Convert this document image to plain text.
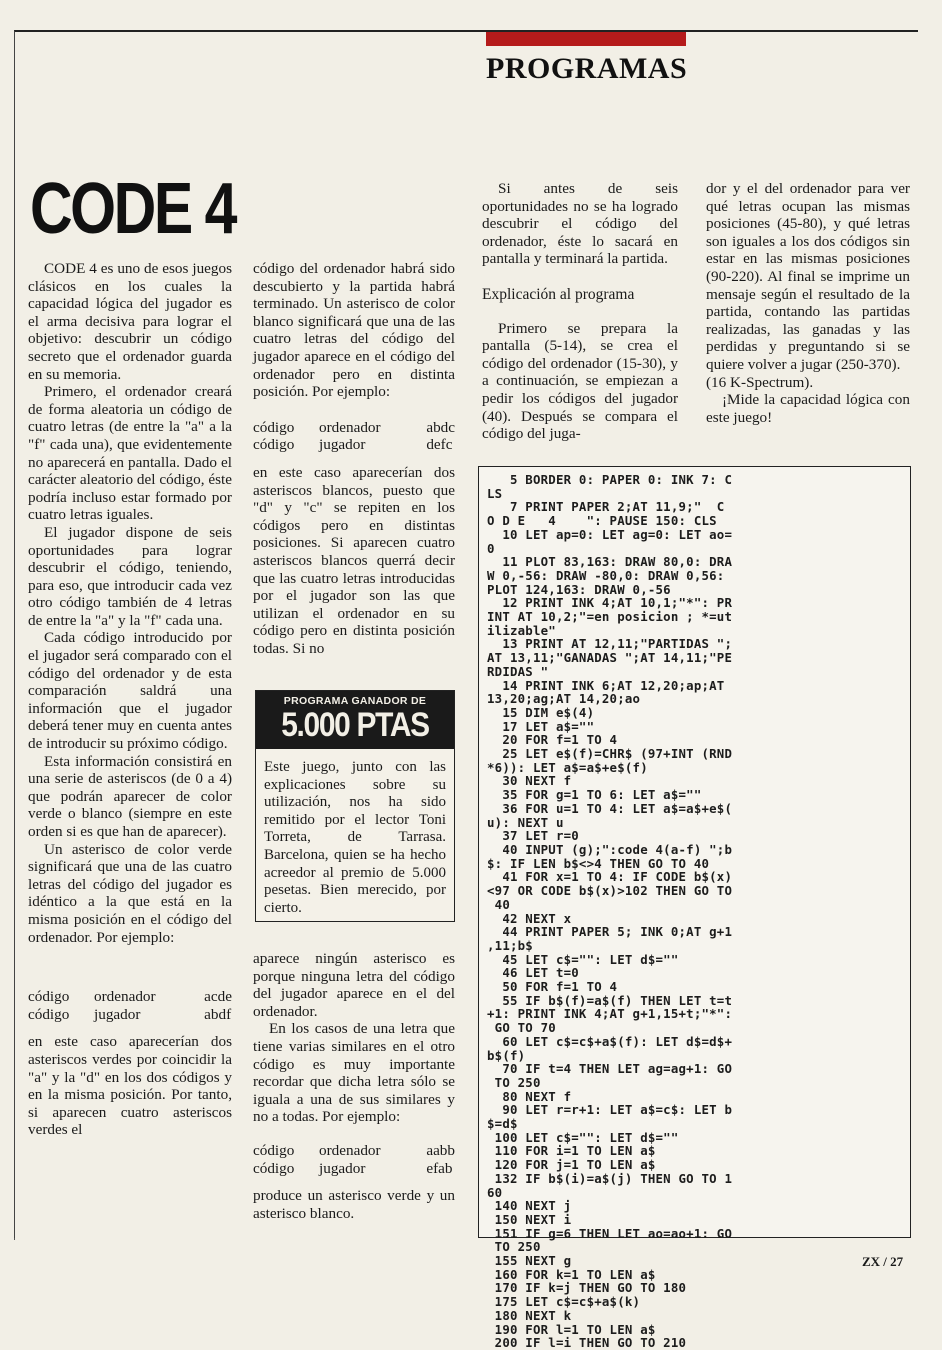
PROGRAMAS
CODE 4

CODE 4 es uno de esos juegos clásicos en los cuales la capacidad lógica del jugador es el arma decisiva para lograr el objetivo: descubrir un código secreto que el ordenador guarda en su memoria.

Primero, el ordenador creará de forma aleatoria un código de cuatro letras (de entre la "a" a la "f" cada una), que evidentemente no aparecerá en pantalla. Dado el carácter aleatorio del código, éste podría incluso estar formado por cuatro letras iguales.

El jugador dispone de seis oportunidades para lograr descubrir el código, teniendo, para eso, que introducir cada vez otro código también de 4 letras de entre la "a" y la "f" cada una.

Cada código introducido por el jugador será comparado con el código del ordenador y de esta comparación saldrá una información que el jugador deberá tener muy en cuenta antes de introducir su próximo código.

Esta información consistirá en una serie de asteriscos (de 0 a 4) que podrán aparecer de color verde o blanco (siempre en este orden si es que han de aparecer).

Un asterisco de color verde significará que una de las cuatro letras del código del jugador es idéntico a la que está en la misma posición en el código del ordenador. Por ejemplo:

código	ordenador	acde
código	jugador	abdf

en este caso aparecerían dos asteriscos verdes por coincidir la "a" y la "d" en los dos códigos y en la misma posición. Por tanto, si aparecen cuatro asteriscos verdes el

código del ordenador habrá sido descubierto y la partida habrá terminado. Un asterisco de color blanco significará que una de las cuatro letras del código del jugador aparece en el código del ordenador pero en distinta posición. Por ejemplo:

código	ordenador	abdc
código	jugador	defc

en este caso aparecerían dos asteriscos blancos, puesto que "d" y "c" se repiten en los códigos pero en distintas posiciones. Si aparecen cuatro asteriscos blancos querrá decir que las cuatro letras introducidas por el jugador son las que utilizan el ordenador en su código pero en distinta posición todas. Si no

aparece ningún asterisco es porque ninguna letra del código del jugador aparece en el del ordenador.

En los casos de una letra que tiene varias similares en el otro código es muy importante recordar que dicha letra sólo se iguala a una de sus similares y no a todas. Por ejemplo:

código	ordenador	aabb
código	jugador	efab

produce un asterisco verde y un asterisco blanco.

PROGRAMA GANADOR DE
5.000 PTAS
Este juego, junto con las explicaciones sobre su utilización, nos ha sido remitido por el lector Toni Torreta, de Tarrasa. Barcelona, quien se ha hecho acreedor al premio de 5.000 pesetas. Bien merecido, por cierto.

Si antes de seis oportunidades no se ha logrado descubrir el código del ordenador, éste lo sacará en pantalla y terminará la partida.

Explicación al programa

Primero se prepara la pantalla (5-14), se crea el código del ordenador (15-30), y a continuación, se empiezan a pedir los códigos del jugador (40). Después se compara el código del juga-

dor y el del ordenador para ver qué letras ocupan las mismas posiciones (45-80), y qué letras son iguales a los dos códigos sin estar en las mismas posiciones (90-220). Al final se imprime un mensaje según el resultado de la partida, contando las partidas realizadas, las ganadas y las perdidas y preguntando si se quiere volver a jugar (250-370).

(16 K-Spectrum).

¡Mide la capacidad lógica con este juego!

5 BORDER 0: PAPER 0: INK 7: C
LS
7 PRINT PAPER 2;AT 11,9;"  C
O D E   4    ": PAUSE 150: CLS
10 LET ap=0: LET ag=0: LET ao=
0
11 PLOT 83,163: DRAW 80,0: DRA
W 0,-56: DRAW -80,0: DRAW 0,56:
PLOT 124,163: DRAW 0,-56
12 PRINT INK 4;AT 10,1;"*": PR
INT AT 10,2;"=en posicion ; *=ut
ilizable"
13 PRINT AT 12,11;"PARTIDAS ";
AT 13,11;"GANADAS ";AT 14,11;"PE
RDIDAS "
14 PRINT INK 6;AT 12,20;ap;AT
13,20;ag;AT 14,20;ao
15 DIM e$(4)
17 LET a$=""
20 FOR f=1 TO 4
25 LET e$(f)=CHR$ (97+INT (RND
*6)): LET a$=a$+e$(f)
30 NEXT f
35 FOR g=1 TO 6: LET a$=""
36 FOR u=1 TO 4: LET a$=a$+e$(
u): NEXT u
37 LET r=0
40 INPUT (g);":code 4(a-f) ";b
$: IF LEN b$<>4 THEN GO TO 40
41 FOR x=1 TO 4: IF CODE b$(x)
<97 OR CODE b$(x)>102 THEN GO TO
40
42 NEXT x
44 PRINT PAPER 5; INK 0;AT g+1
,11;b$
45 LET c$="": LET d$=""
46 LET t=0
50 FOR f=1 TO 4
55 IF b$(f)=a$(f) THEN LET t=t
+1: PRINT INK 4;AT g+1,15+t;"*":
GO TO 70
60 LET c$=c$+a$(f): LET d$=d$+
b$(f)
70 IF t=4 THEN LET ag=ag+1: GO
TO 250
80 NEXT f
90 LET r=r+1: LET a$=c$: LET b
$=d$
100 LET c$="": LET d$=""
110 FOR i=1 TO LEN a$
120 FOR j=1 TO LEN a$
132 IF b$(i)=a$(j) THEN GO TO 1
60
140 NEXT j
150 NEXT i
151 IF g=6 THEN LET ao=ao+1: GO
TO 250
155 NEXT g
160 FOR k=1 TO LEN a$
170 IF k=j THEN GO TO 180
175 LET c$=c$+a$(k)
180 NEXT k
190 FOR l=1 TO LEN a$
200 IF l=i THEN GO TO 210
ZX / 27
